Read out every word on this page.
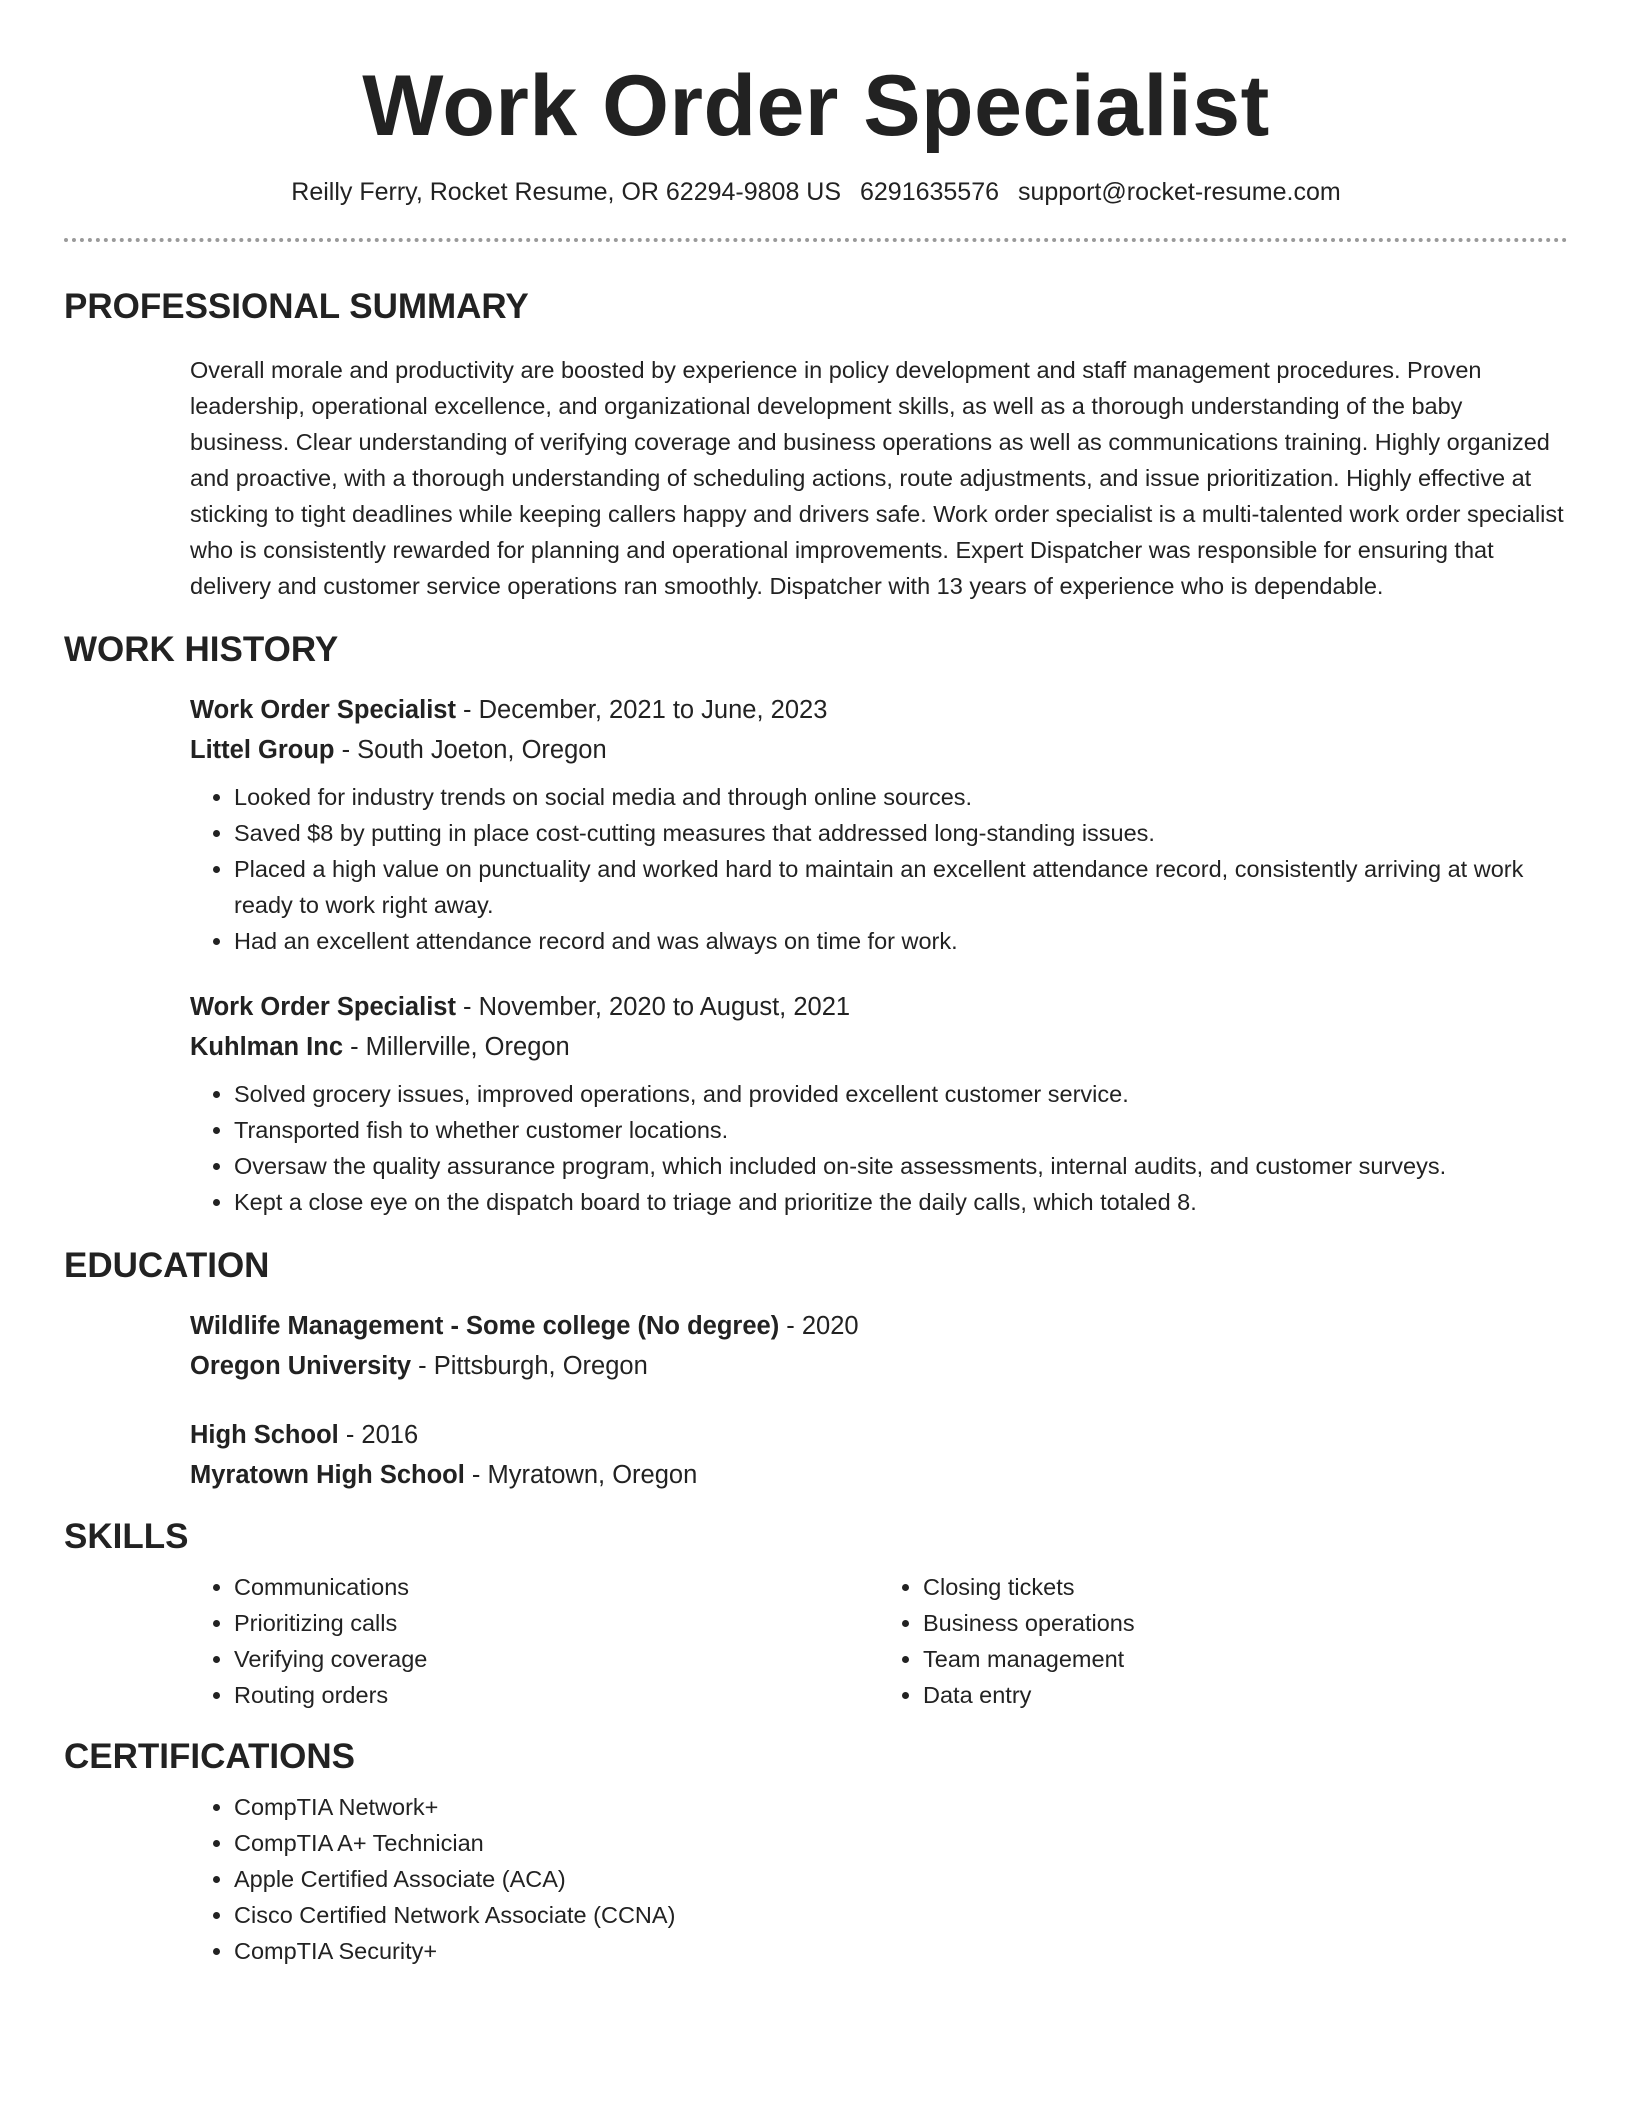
Work Order Specialist
Reilly Ferry, Rocket Resume, OR 62294-9808 US 6291635576 support@rocket-resume.com
PROFESSIONAL SUMMARY
Overall morale and productivity are boosted by experience in policy development and staff management procedures. Proven leadership, operational excellence, and organizational development skills, as well as a thorough understanding of the baby business. Clear understanding of verifying coverage and business operations as well as communications training. Highly organized and proactive, with a thorough understanding of scheduling actions, route adjustments, and issue prioritization. Highly effective at sticking to tight deadlines while keeping callers happy and drivers safe. Work order specialist is a multi-talented work order specialist who is consistently rewarded for planning and operational improvements. Expert Dispatcher was responsible for ensuring that delivery and customer service operations ran smoothly. Dispatcher with 13 years of experience who is dependable.
WORK HISTORY
Work Order Specialist - December, 2021 to June, 2023
Littel Group - South Joeton, Oregon
• Looked for industry trends on social media and through online sources.
• Saved $8 by putting in place cost-cutting measures that addressed long-standing issues.
• Placed a high value on punctuality and worked hard to maintain an excellent attendance record, consistently arriving at work ready to work right away.
• Had an excellent attendance record and was always on time for work.
Work Order Specialist - November, 2020 to August, 2021
Kuhlman Inc - Millerville, Oregon
• Solved grocery issues, improved operations, and provided excellent customer service.
• Transported fish to whether customer locations.
• Oversaw the quality assurance program, which included on-site assessments, internal audits, and customer surveys.
• Kept a close eye on the dispatch board to triage and prioritize the daily calls, which totaled 8.
EDUCATION
Wildlife Management - Some college (No degree) - 2020
Oregon University - Pittsburgh, Oregon
High School - 2016
Myratown High School - Myratown, Oregon
SKILLS
• Communications
• Prioritizing calls
• Verifying coverage
• Routing orders
• Closing tickets
• Business operations
• Team management
• Data entry
CERTIFICATIONS
• CompTIA Network+
• CompTIA A+ Technician
• Apple Certified Associate (ACA)
• Cisco Certified Network Associate (CCNA)
• CompTIA Security+
